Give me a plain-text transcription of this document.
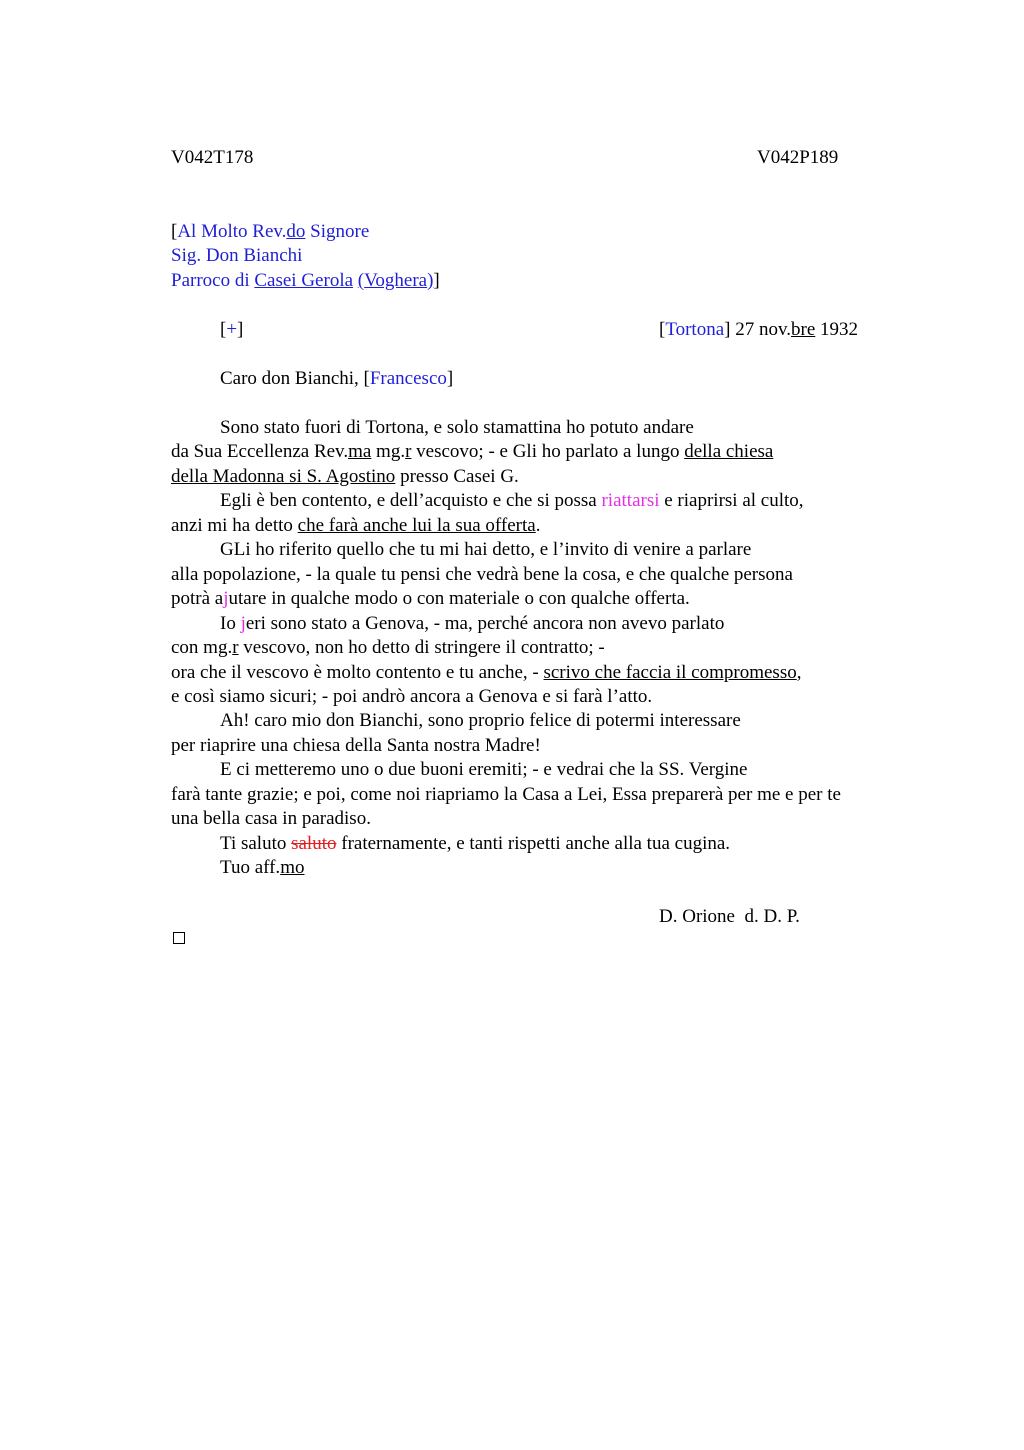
V042T178	V042P189
[Al Molto Rev.do Signore
Sig. Don Bianchi
Parroco di Casei Gerola (Voghera)]
[+]	[Tortona] 27 nov.bre 1932
Caro don Bianchi, [Francesco]
Sono stato fuori di Tortona, e solo stamattina ho potuto andare
da Sua Eccellenza Rev.ma mg.r vescovo; - e Gli ho parlato a lungo della chiesa
della Madonna si S. Agostino presso Casei G.
Egli è ben contento, e dell’acquisto e che si possa riattarsi e riaprirsi al culto,
anzi mi ha detto che farà anche lui la sua offerta.
GLi ho riferito quello che tu mi hai detto, e l’invito di venire a parlare
alla popolazione, - la quale tu pensi che vedrà bene la cosa, e che qualche persona
potrà ajutare in qualche modo o con materiale o con qualche offerta.
Io jeri sono stato a Genova, - ma, perché ancora non avevo parlato
con mg.r vescovo, non ho detto di stringere il contratto; -
ora che il vescovo è molto contento e tu anche, - scrivo che faccia il compromesso,
e così siamo sicuri; - poi andrò ancora a Genova e si farà l’atto.
Ah! caro mio don Bianchi, sono proprio felice di potermi interessare
per riaprire una chiesa della Santa nostra Madre!
E ci metteremo uno o due buoni eremiti; - e vedrai che la SS. Vergine
farà tante grazie; e poi, come noi riapriamo la Casa a Lei, Essa preparerà per me e per te
una bella casa in paradiso.
Ti saluto saluto fraternamente, e tanti rispetti anche alla tua cugina.
Tuo aff.mo
D. Orione  d. D. P.
